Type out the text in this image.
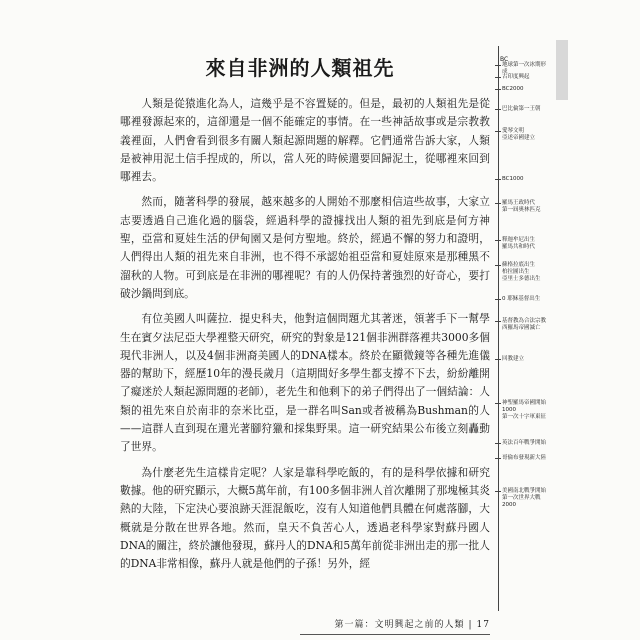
來自非洲的人類祖先

人類是從猿進化為人，這幾乎是不容置疑的。但是，最初的人類祖先是從哪裡發源起來的，這卻還是一個不能確定的事情。在一些神話故事或是宗教教義裡面，人們會看到很多有關人類起源問題的解釋。它們通常告訴大家，人類是被神用泥土信手捏成的，所以，當人死的時候還要回歸泥土，從哪裡來回到哪裡去。

然而，隨著科學的發展，越來越多的人開始不那麼相信這些故事，大家立志要透過自己進化過的腦袋，經過科學的證據找出人類的祖先到底是何方神聖，亞當和夏娃生活的伊甸園又是何方聖地。終於，經過不懈的努力和證明，人們得出人類的祖先來自非洲，也不得不承認始祖亞當和夏娃原來是那種黑不溜秋的人物。可到底是在非洲的哪裡呢？有的人仍保持著強烈的好奇心，要打破沙鍋問到底。

有位美國人叫薩拉．提史科夫，他對這個問題尤其著迷，領著手下一幫學生在賓夕法尼亞大學裡整天研究，研究的對象是121個非洲群落裡共3000多個現代非洲人，以及4個非洲裔美國人的DNA樣本。終於在顯微鏡等各種先進儀器的幫助下，經歷10年的漫長歲月（這期間好多學生都支撐不下去，紛紛離開了癡迷於人類起源問題的老師），老先生和他剩下的弟子們得出了一個結論：人類的祖先來自於南非的奈米比亞，是一群名叫San或者被稱為Bushman的人——這群人直到現在還光著腳狩獵和採集野果。這一研究結果公布後立刻轟動了世界。

為什麼老先生這樣肯定呢？人家是靠科學吃飯的，有的是科學依據和研究數據。他的研究顯示，大概5萬年前，有100多個非洲人首次離開了那塊極其炎熱的大陸，下定決心要浪跡天涯混飯吃，沒有人知道他們具體在何處落腳，大概就是分散在世界各地。然而，皇天不負苦心人，透過老科學家對蘇丹國人DNA的關注，終於讓他發現，蘇丹人的DNA和5萬年前從非洲出走的那一批人的DNA非常相像，蘇丹人就是他們的子孫！另外，經

BC
地球第一次冰期形成
古印度興起
BC2000
巴比倫第一王朝
愛琴文明
亞述帝國建立
BC1000
羅馬王政時代
第一屆奧林匹克
釋迦牟尼出生
羅馬共和時代
蘇格拉底出生
柏拉圖出生
亞里士多德出生
0 耶穌基督出生
基督教為合法宗教
西羅馬帝國滅亡
回教建立
神聖羅馬帝國開始
1000
第一次十字軍東征
英法百年戰爭開始
哥倫布發現新大陸
美國南北戰爭開始
第一次世界大戰
2000
第一篇：文明興起之前的人類 | 17
